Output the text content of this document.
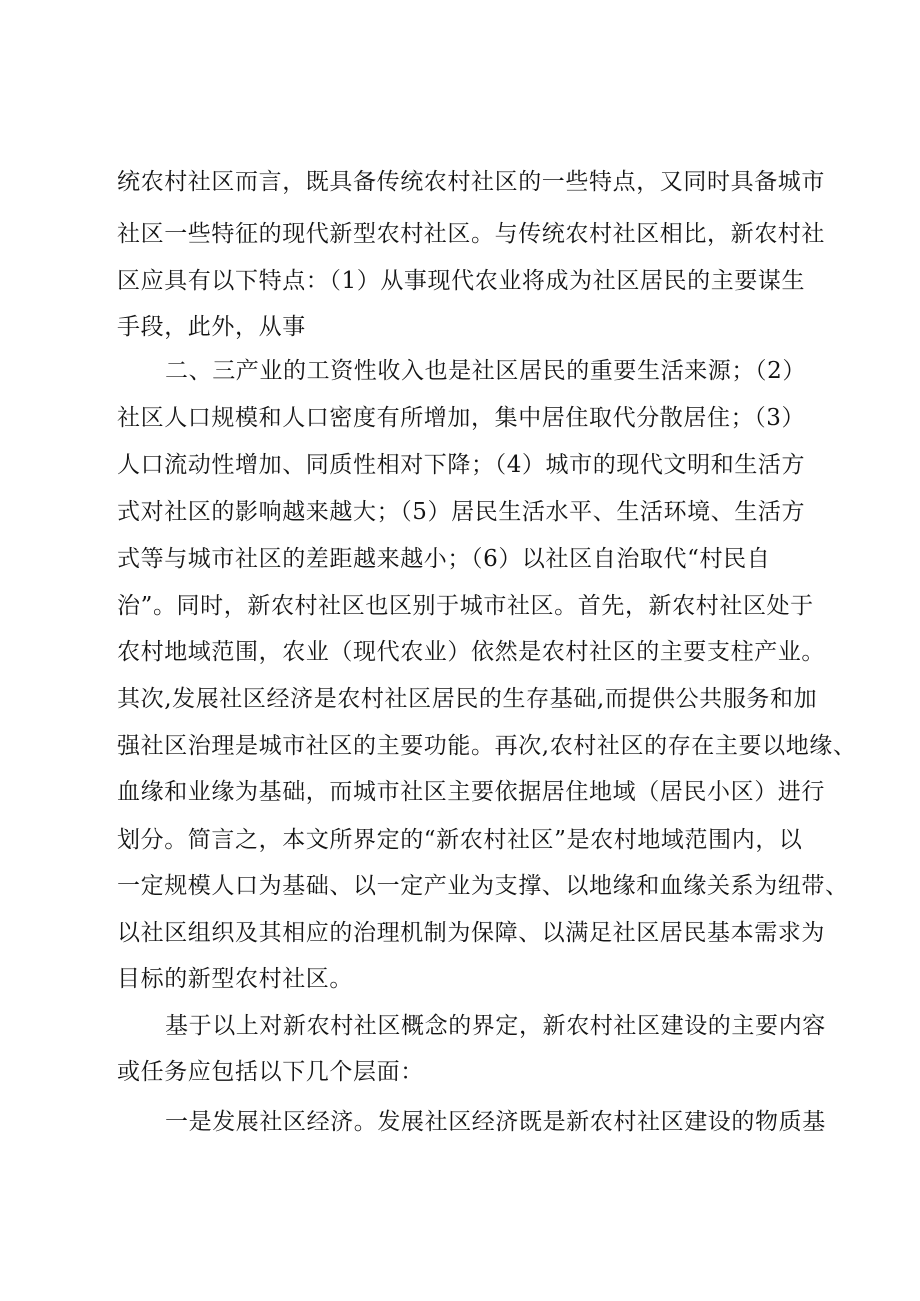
统农村社区而言，既具备传统农村社区的一些特点，又同时具备城市
社区一些特征的现代新型农村社区。与传统农村社区相比，新农村社
区应具有以下特点：（1）从事现代农业将成为社区居民的主要谋生
手段，此外，从事
二、三产业的工资性收入也是社区居民的重要生活来源；（2）
社区人口规模和人口密度有所增加，集中居住取代分散居住；（3）
人口流动性增加、同质性相对下降；（4）城市的现代文明和生活方
式对社区的影响越来越大；（5）居民生活水平、生活环境、生活方
式等与城市社区的差距越来越小；（6）以社区自治取代“村民自
治”。同时，新农村社区也区别于城市社区。首先，新农村社区处于
农村地域范围，农业（现代农业）依然是农村社区的主要支柱产业。
其次,发展社区经济是农村社区居民的生存基础,而提供公共服务和加
强社区治理是城市社区的主要功能。再次,农村社区的存在主要以地缘、
血缘和业缘为基础，而城市社区主要依据居住地域（居民小区）进行
划分。简言之，本文所界定的“新农村社区”是农村地域范围内，以
一定规模人口为基础、以一定产业为支撑、以地缘和血缘关系为纽带、
以社区组织及其相应的治理机制为保障、以满足社区居民基本需求为
目标的新型农村社区。
基于以上对新农村社区概念的界定，新农村社区建设的主要内容
或任务应包括以下几个层面：
一是发展社区经济。发展社区经济既是新农村社区建设的物质基
